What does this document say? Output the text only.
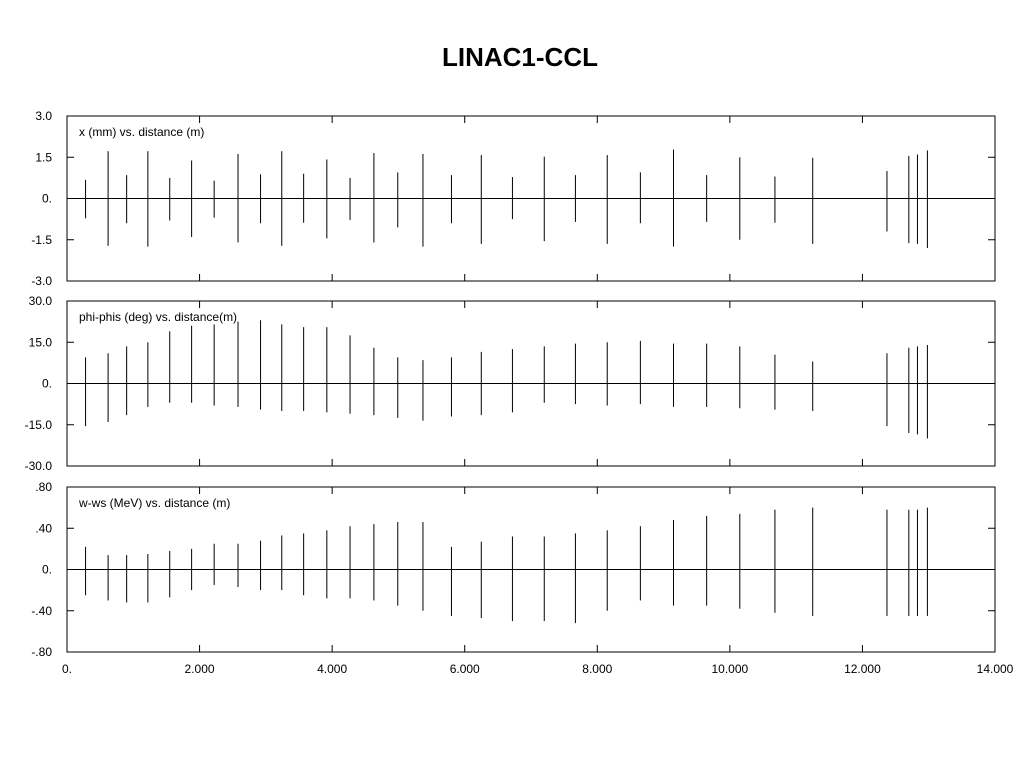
LINAC1-CCL
3.0
1.5
0.
-1.5
-3.0
x (mm) vs. distance (m)
30.0
15.0
0.
-15.0
-30.0
phi-phis (deg) vs. distance(m)
.80
.40
0.
-.40
-.80
w-ws (MeV) vs. distance (m)
0.	2.000	4.000	6.000	8.000	10.000	12.000	14.000
